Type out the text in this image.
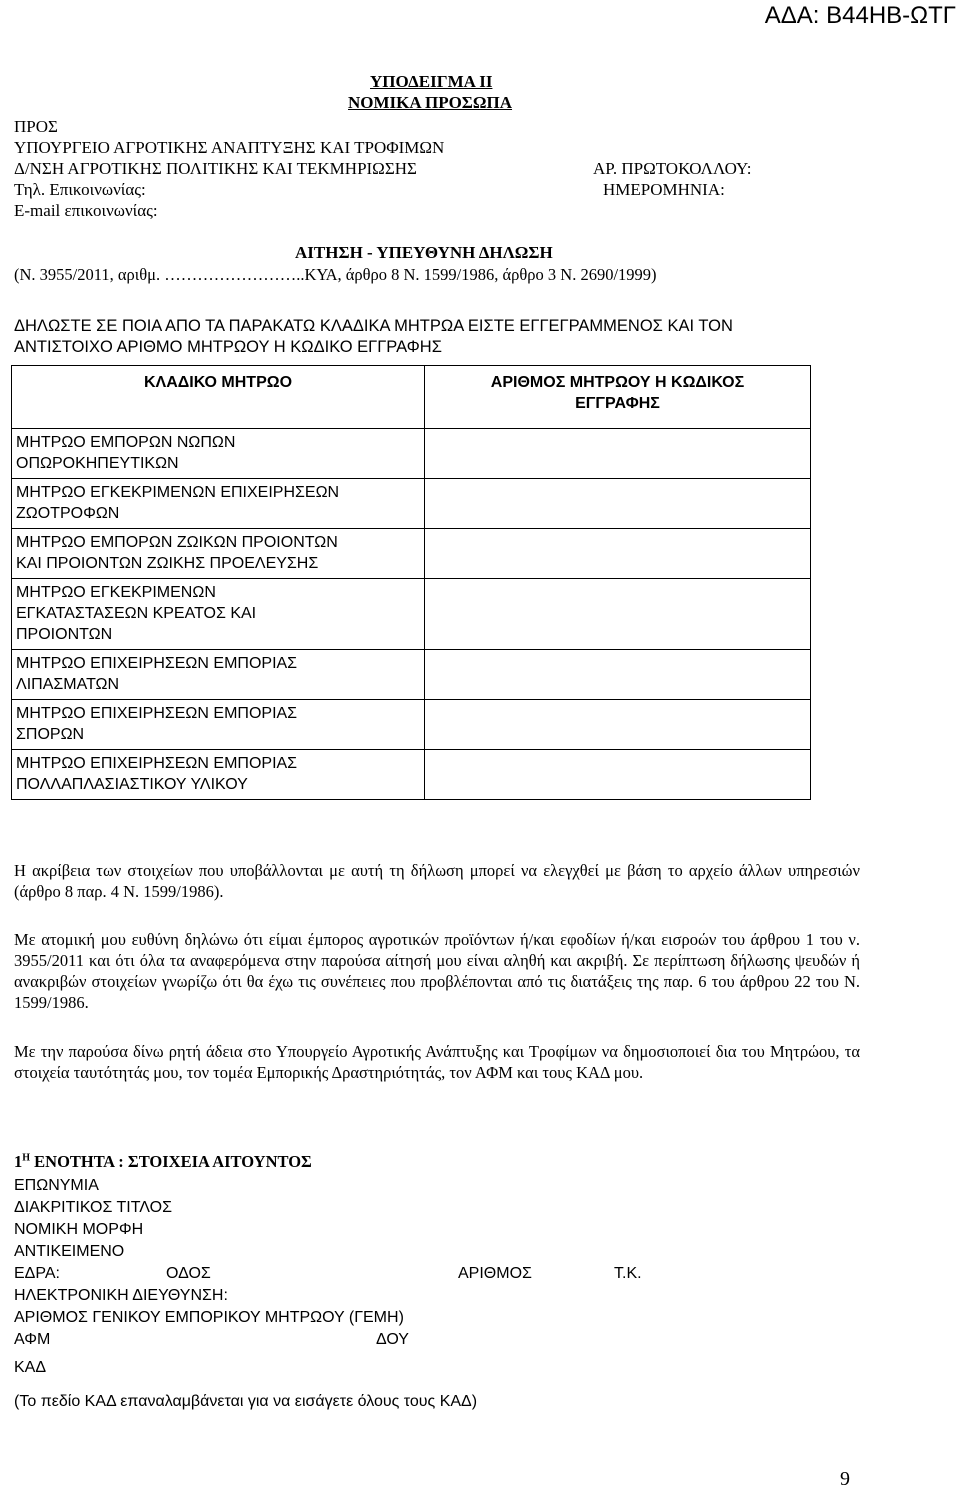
ΑΔΑ: Β44ΗΒ-ΩΤΓ
ΥΠΟΔΕΙΓΜΑ ΙΙ
ΝΟΜΙΚΑ ΠΡΟΣΩΠΑ
ΠΡΟΣ
ΥΠΟΥΡΓΕΙΟ ΑΓΡΟΤΙΚΗΣ ΑΝΑΠΤΥΞΗΣ ΚΑΙ ΤΡΟΦΙΜΩΝ
Δ/ΝΣΗ ΑΓΡΟΤΙΚΗΣ ΠΟΛΙΤΙΚΗΣ ΚΑΙ ΤΕΚΜΗΡΙΩΣΗΣ
Τηλ. Επικοινωνίας:
E-mail επικοινωνίας:
ΑΡ. ΠΡΩΤΟΚΟΛΛΟΥ:
ΗΜΕΡΟΜΗΝΙΑ:
ΑΙΤΗΣΗ - ΥΠΕΥΘΥΝΗ ΔΗΛΩΣΗ
(Ν. 3955/2011, αριθμ. ……………………..ΚΥΑ, άρθρο 8 Ν. 1599/1986, άρθρο 3 Ν. 2690/1999)
ΔΗΛΩΣΤΕ ΣΕ ΠΟΙΑ ΑΠΟ ΤΑ ΠΑΡΑΚΑΤΩ ΚΛΑΔΙΚΑ ΜΗΤΡΩΑ ΕΙΣΤΕ ΕΓΓΕΓΡΑΜΜΕΝΟΣ ΚΑΙ ΤΟΝ
ΑΝΤΙΣΤΟΙΧΟ ΑΡΙΘΜΟ ΜΗΤΡΩΟΥ Η ΚΩΔΙΚΟ ΕΓΓΡΑΦΗΣ
ΚΛΑΔΙΚΟ ΜΗΤΡΩΟ	ΑΡΙΘΜΟΣ ΜΗΤΡΩΟΥ Η ΚΩΔΙΚΟΣ ΕΓΓΡΑΦΗΣ

ΜΗΤΡΩΟ ΕΜΠΟΡΩΝ ΝΩΠΩΝ
ΟΠΩΡΟΚΗΠΕΥΤΙΚΩΝ	

ΜΗΤΡΩΟ ΕΓΚΕΚΡΙΜΕΝΩΝ ΕΠΙΧΕΙΡΗΣΕΩΝ
ΖΩΟΤΡΟΦΩΝ	

ΜΗΤΡΩΟ ΕΜΠΟΡΩΝ ΖΩΙΚΩΝ ΠΡΟΙΟΝΤΩΝ
ΚΑΙ ΠΡΟΙΟΝΤΩΝ ΖΩΙΚΗΣ ΠΡΟΕΛΕΥΣΗΣ	

ΜΗΤΡΩΟ ΕΓΚΕΚΡΙΜΕΝΩΝ
ΕΓΚΑΤΑΣΤΑΣΕΩΝ ΚΡΕΑΤΟΣ ΚΑΙ
ΠΡΟΙΟΝΤΩΝ	

ΜΗΤΡΩΟ ΕΠΙΧΕΙΡΗΣΕΩΝ ΕΜΠΟΡΙΑΣ
ΛΙΠΑΣΜΑΤΩΝ	

ΜΗΤΡΩΟ ΕΠΙΧΕΙΡΗΣΕΩΝ ΕΜΠΟΡΙΑΣ
ΣΠΟΡΩΝ	

ΜΗΤΡΩΟ ΕΠΙΧΕΙΡΗΣΕΩΝ ΕΜΠΟΡΙΑΣ
ΠΟΛΛΑΠΛΑΣΙΑΣΤΙΚΟΥ ΥΛΙΚΟΥ	

Η ακρίβεια των στοιχείων που υποβάλλονται με αυτή τη δήλωση μπορεί να ελεγχθεί με βάση το αρχείο άλλων υπηρεσιών (άρθρο 8 παρ. 4 Ν. 1599/1986).
Με ατομική μου ευθύνη δηλώνω ότι είμαι έμπορος αγροτικών προϊόντων ή/και εφοδίων ή/και εισροών του άρθρου 1 του ν. 3955/2011 και ότι όλα τα αναφερόμενα στην παρούσα αίτησή μου είναι αληθή και ακριβή. Σε περίπτωση δήλωσης ψευδών ή ανακριβών στοιχείων γνωρίζω ότι θα έχω τις συνέπειες που προβλέπονται από τις διατάξεις της παρ. 6 του άρθρου 22 του Ν. 1599/1986.
Με την παρούσα δίνω ρητή άδεια στο Υπουργείο Αγροτικής Ανάπτυξης και Τροφίμων να δημοσιοποιεί δια του Μητρώου, τα στοιχεία ταυτότητάς μου, τον τομέα Εμπορικής Δραστηριότητάς, τον ΑΦΜ και τους ΚΑΔ μου.
$1^H$ ΕΝΟΤΗΤΑ : ΣΤΟΙΧΕΙΑ ΑΙΤΟΥΝΤΟΣ
ΕΠΩΝΥΜΙΑ
ΔΙΑΚΡΙΤΙΚΟΣ ΤΙΤΛΟΣ
ΝΟΜΙΚΗ ΜΟΡΦΗ
ΑΝΤΙΚΕΙΜΕΝΟ
ΕΔΡΑ:	ΟΔΟΣ	ΑΡΙΘΜΟΣ	Τ.Κ.
ΗΛΕΚΤΡΟΝΙΚΗ ΔΙΕΥΘΥΝΣΗ:
ΑΡΙΘΜΟΣ ΓΕΝΙΚΟΥ ΕΜΠΟΡΙΚΟΥ ΜΗΤΡΩΟΥ (ΓΕΜΗ)
ΑΦΜ	ΔΟΥ
ΚΑΔ
(Το πεδίο ΚΑΔ επαναλαμβάνεται για να εισάγετε όλους τους ΚΑΔ)
9
